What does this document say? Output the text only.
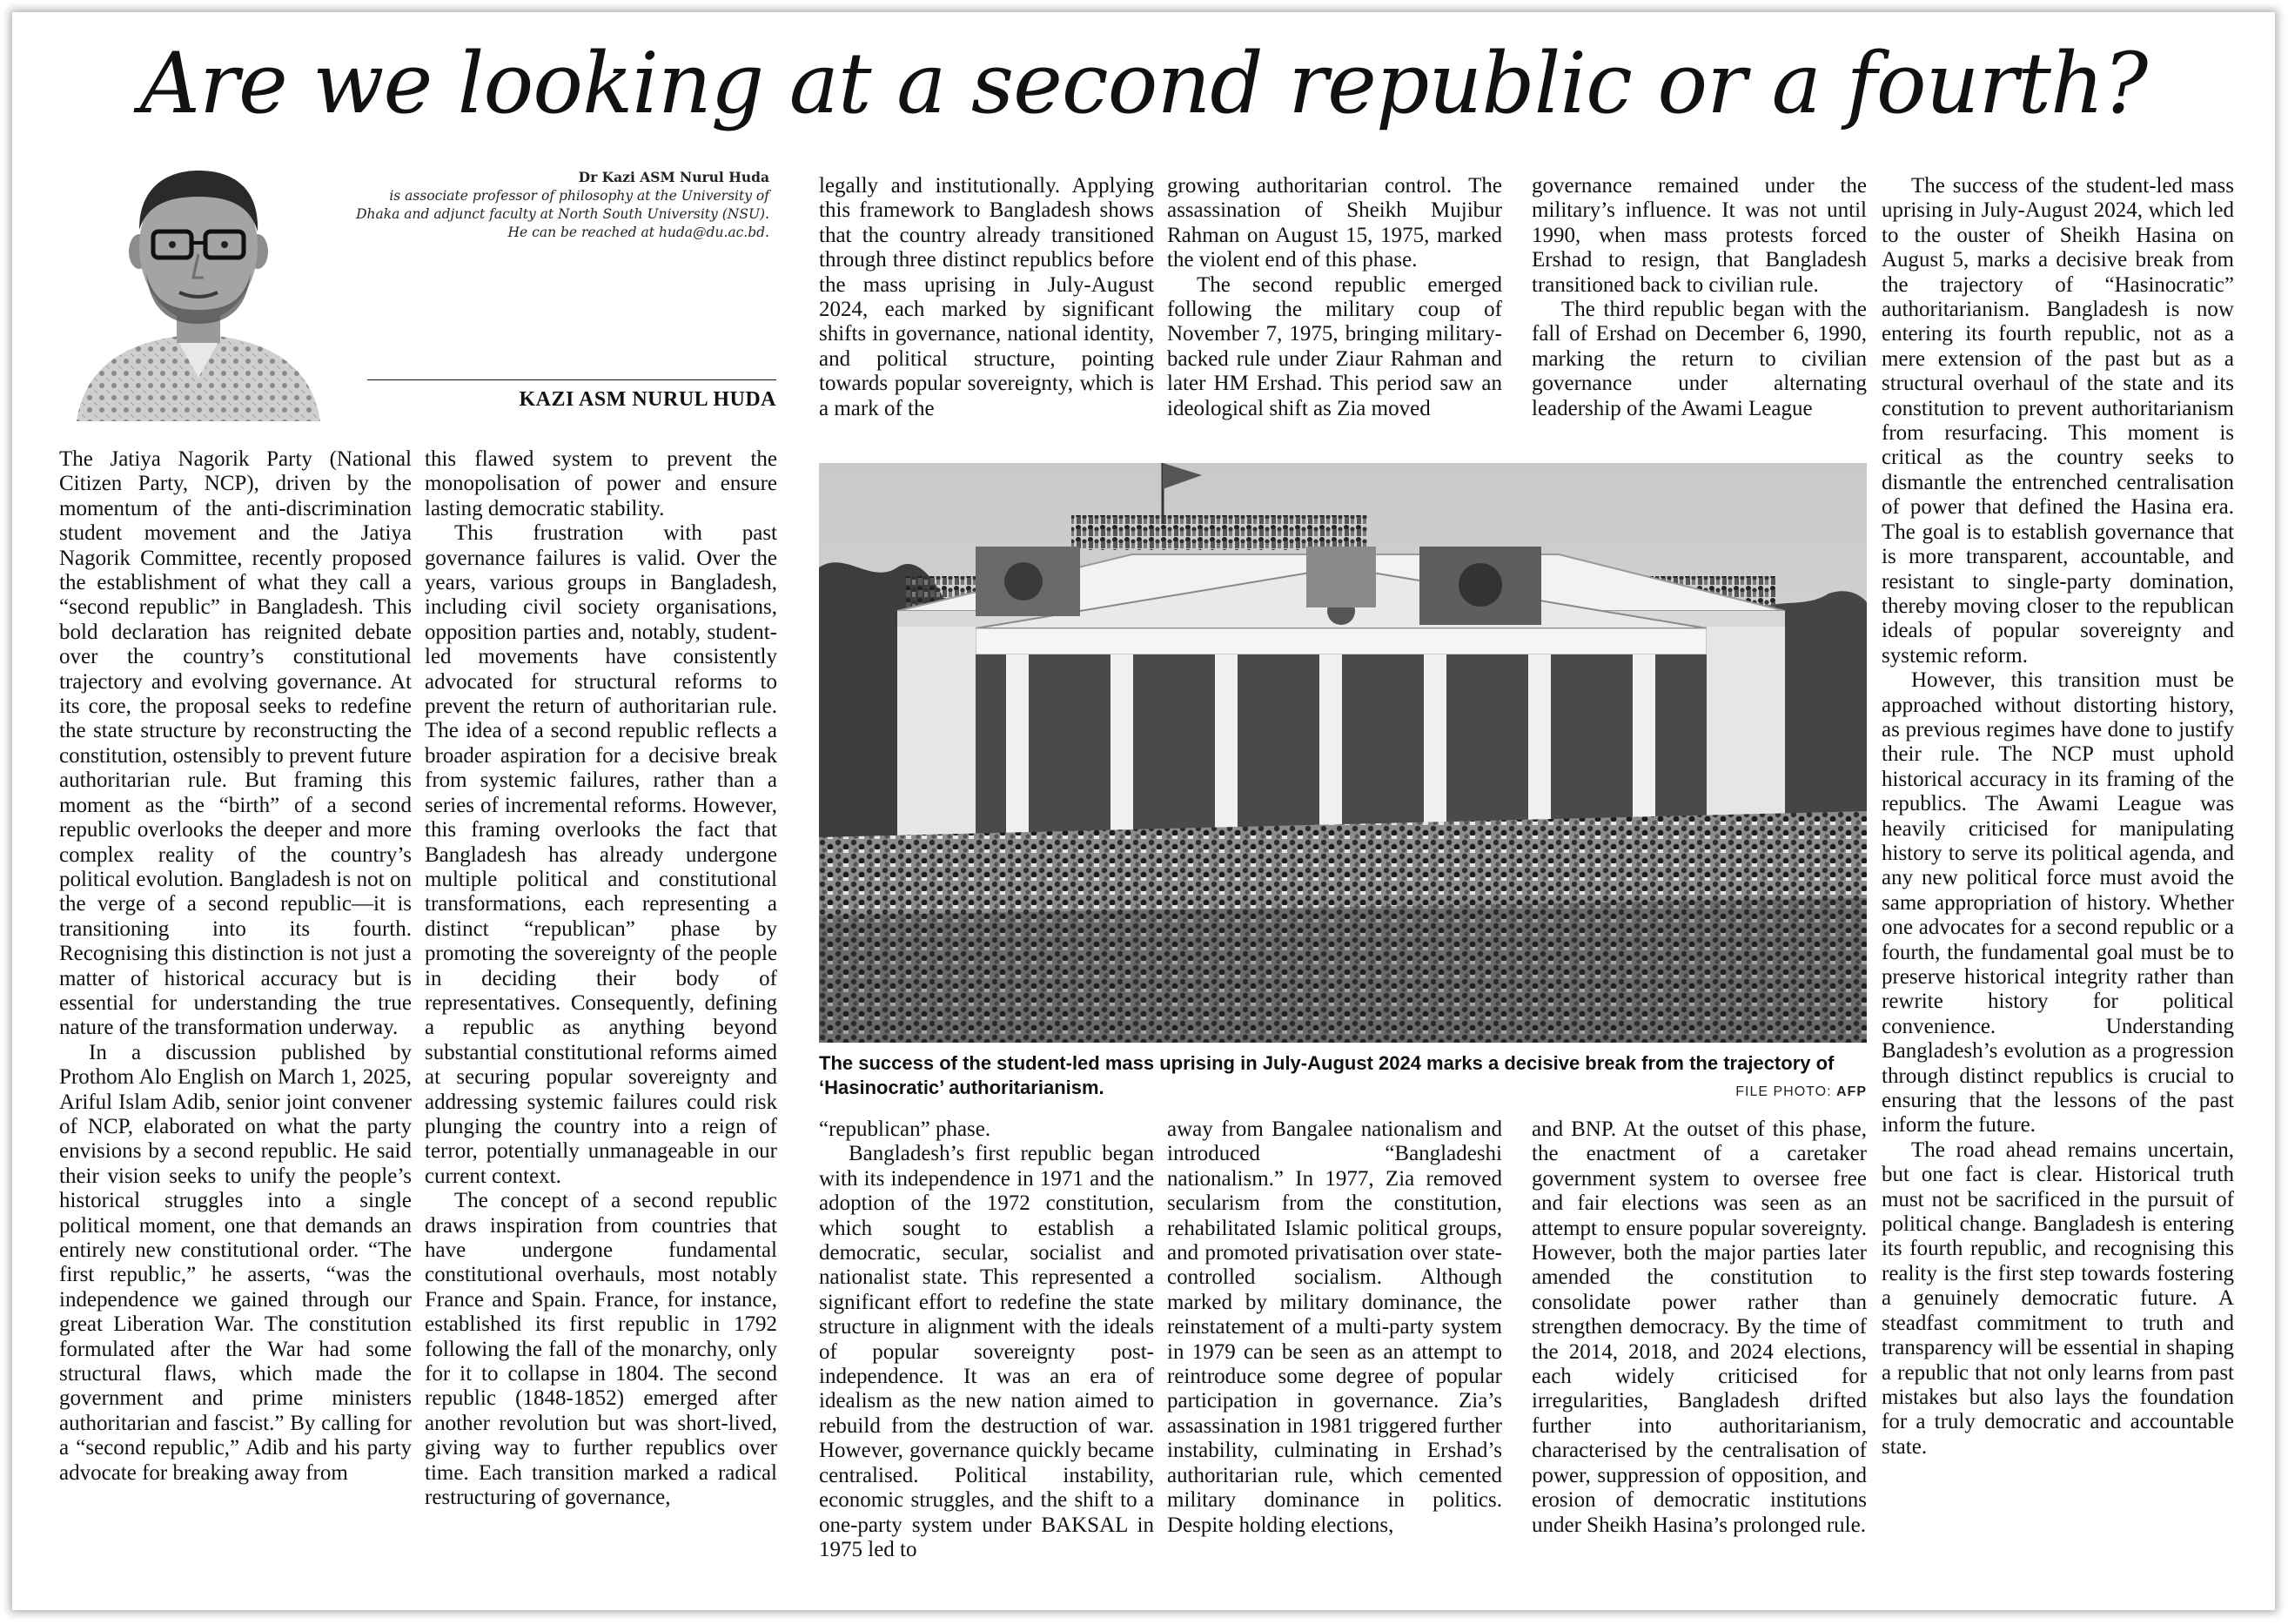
Are we looking at a second republic or a fourth?
Dr Kazi ASM Nurul Huda
is associate professor of philosophy at the University of Dhaka and adjunct faculty at North South University (NSU). He can be reached at huda@du.ac.bd.
KAZI ASM NURUL HUDA

The Jatiya Nagorik Party (National Citizen Party, NCP), driven by the momentum of the anti-discrimination student movement and the Jatiya Nagorik Committee, recently proposed the establishment of what they call a “second republic” in Bangladesh. This bold declaration has reignited debate over the country’s constitutional trajectory and evolving governance. At its core, the proposal seeks to redefine the state structure by reconstructing the constitution, ostensibly to prevent future authoritarian rule. But framing this moment as the “birth” of a second republic overlooks the deeper and more complex reality of the country’s political evolution. Bangladesh is not on the verge of a second republic—it is transitioning into its fourth. Recognising this distinction is not just a matter of historical accuracy but is essential for understanding the true nature of the transformation underway.

In a discussion published by Prothom Alo English on March 1, 2025, Ariful Islam Adib, senior joint convener of NCP, elaborated on what the party envisions by a second republic. He said their vision seeks to unify the people’s historical struggles into a single political moment, one that demands an entirely new constitutional order. “The first republic,” he asserts, “was the independence we gained through our great Liberation War. The constitution formulated after the War had some structural flaws, which made the government and prime ministers authoritarian and fascist.” By calling for a “second republic,” Adib and his party advocate for breaking away from

this flawed system to prevent the monopolisation of power and ensure lasting democratic stability.

This frustration with past governance failures is valid. Over the years, various groups in Bangladesh, including civil society organisations, opposition parties and, notably, student-led movements have consistently advocated for structural reforms to prevent the return of authoritarian rule. The idea of a second republic reflects a broader aspiration for a decisive break from systemic failures, rather than a series of incremental reforms. However, this framing overlooks the fact that Bangladesh has already undergone multiple political and constitutional transformations, each representing a distinct “republican” phase by promoting the sovereignty of the people in deciding their body of representatives. Consequently, defining a republic as anything beyond substantial constitutional reforms aimed at securing popular sovereignty and addressing systemic failures could risk plunging the country into a reign of terror, potentially unmanageable in our current context.

The concept of a second republic draws inspiration from countries that have undergone fundamental constitutional overhauls, most notably France and Spain. France, for instance, established its first republic in 1792 following the fall of the monarchy, only for it to collapse in 1804. The second republic (1848-1852) emerged after another revolution but was short-lived, giving way to further republics over time. Each transition marked a radical restructuring of governance,

legally and institutionally. Applying this framework to Bangladesh shows that the country already transitioned through three distinct republics before the mass uprising in July-August 2024, each marked by significant shifts in governance, national identity, and political structure, pointing towards popular sovereignty, which is a mark of the

growing authoritarian control. The assassination of Sheikh Mujibur Rahman on August 15, 1975, marked the violent end of this phase.

The second republic emerged following the military coup of November 7, 1975, bringing military-backed rule under Ziaur Rahman and later HM Ershad. This period saw an ideological shift as Zia moved

governance remained under the military’s influence. It was not until 1990, when mass protests forced Ershad to resign, that Bangladesh transitioned back to civilian rule.

The third republic began with the fall of Ershad on December 6, 1990, marking the return to civilian governance under alternating leadership of the Awami League

The success of the student-led mass uprising in July-August 2024 marks a decisive break from the trajectory of ‘Hasinocratic’ authoritarianism.	FILE PHOTO: AFP

“republican” phase.

Bangladesh’s first republic began with its independence in 1971 and the adoption of the 1972 constitution, which sought to establish a democratic, secular, socialist and nationalist state. This represented a significant effort to redefine the state structure in alignment with the ideals of popular sovereignty post-independence. It was an era of idealism as the new nation aimed to rebuild from the destruction of war. However, governance quickly became centralised. Political instability, economic struggles, and the shift to a one-party system under BAKSAL in 1975 led to

away from Bangalee nationalism and introduced “Bangladeshi nationalism.” In 1977, Zia removed secularism from the constitution, rehabilitated Islamic political groups, and promoted privatisation over state-controlled socialism. Although marked by military dominance, the reinstatement of a multi-party system in 1979 can be seen as an attempt to reintroduce some degree of popular participation in governance. Zia’s assassination in 1981 triggered further instability, culminating in Ershad’s authoritarian rule, which cemented military dominance in politics. Despite holding elections,

and BNP. At the outset of this phase, the enactment of a caretaker government system to oversee free and fair elections was seen as an attempt to ensure popular sovereignty. However, both the major parties later amended the constitution to consolidate power rather than strengthen democracy. By the time of the 2014, 2018, and 2024 elections, each widely criticised for irregularities, Bangladesh drifted further into authoritarianism, characterised by the centralisation of power, suppression of opposition, and erosion of democratic institutions under Sheikh Hasina’s prolonged rule.

The success of the student-led mass uprising in July-August 2024, which led to the ouster of Sheikh Hasina on August 5, marks a decisive break from the trajectory of “Hasinocratic” authoritarianism. Bangladesh is now entering its fourth republic, not as a mere extension of the past but as a structural overhaul of the state and its constitution to prevent authoritarianism from resurfacing. This moment is critical as the country seeks to dismantle the entrenched centralisation of power that defined the Hasina era. The goal is to establish governance that is more transparent, accountable, and resistant to single-party domination, thereby moving closer to the republican ideals of popular sovereignty and systemic reform.

However, this transition must be approached without distorting history, as previous regimes have done to justify their rule. The NCP must uphold historical accuracy in its framing of the republics. The Awami League was heavily criticised for manipulating history to serve its political agenda, and any new political force must avoid the same appropriation of history. Whether one advocates for a second republic or a fourth, the fundamental goal must be to preserve historical integrity rather than rewrite history for political convenience. Understanding Bangladesh’s evolution as a progression through distinct republics is crucial to ensuring that the lessons of the past inform the future.

The road ahead remains uncertain, but one fact is clear. Historical truth must not be sacrificed in the pursuit of political change. Bangladesh is entering its fourth republic, and recognising this reality is the first step towards fostering a genuinely democratic future. A steadfast commitment to truth and transparency will be essential in shaping a republic that not only learns from past mistakes but also lays the foundation for a truly democratic and accountable state.
